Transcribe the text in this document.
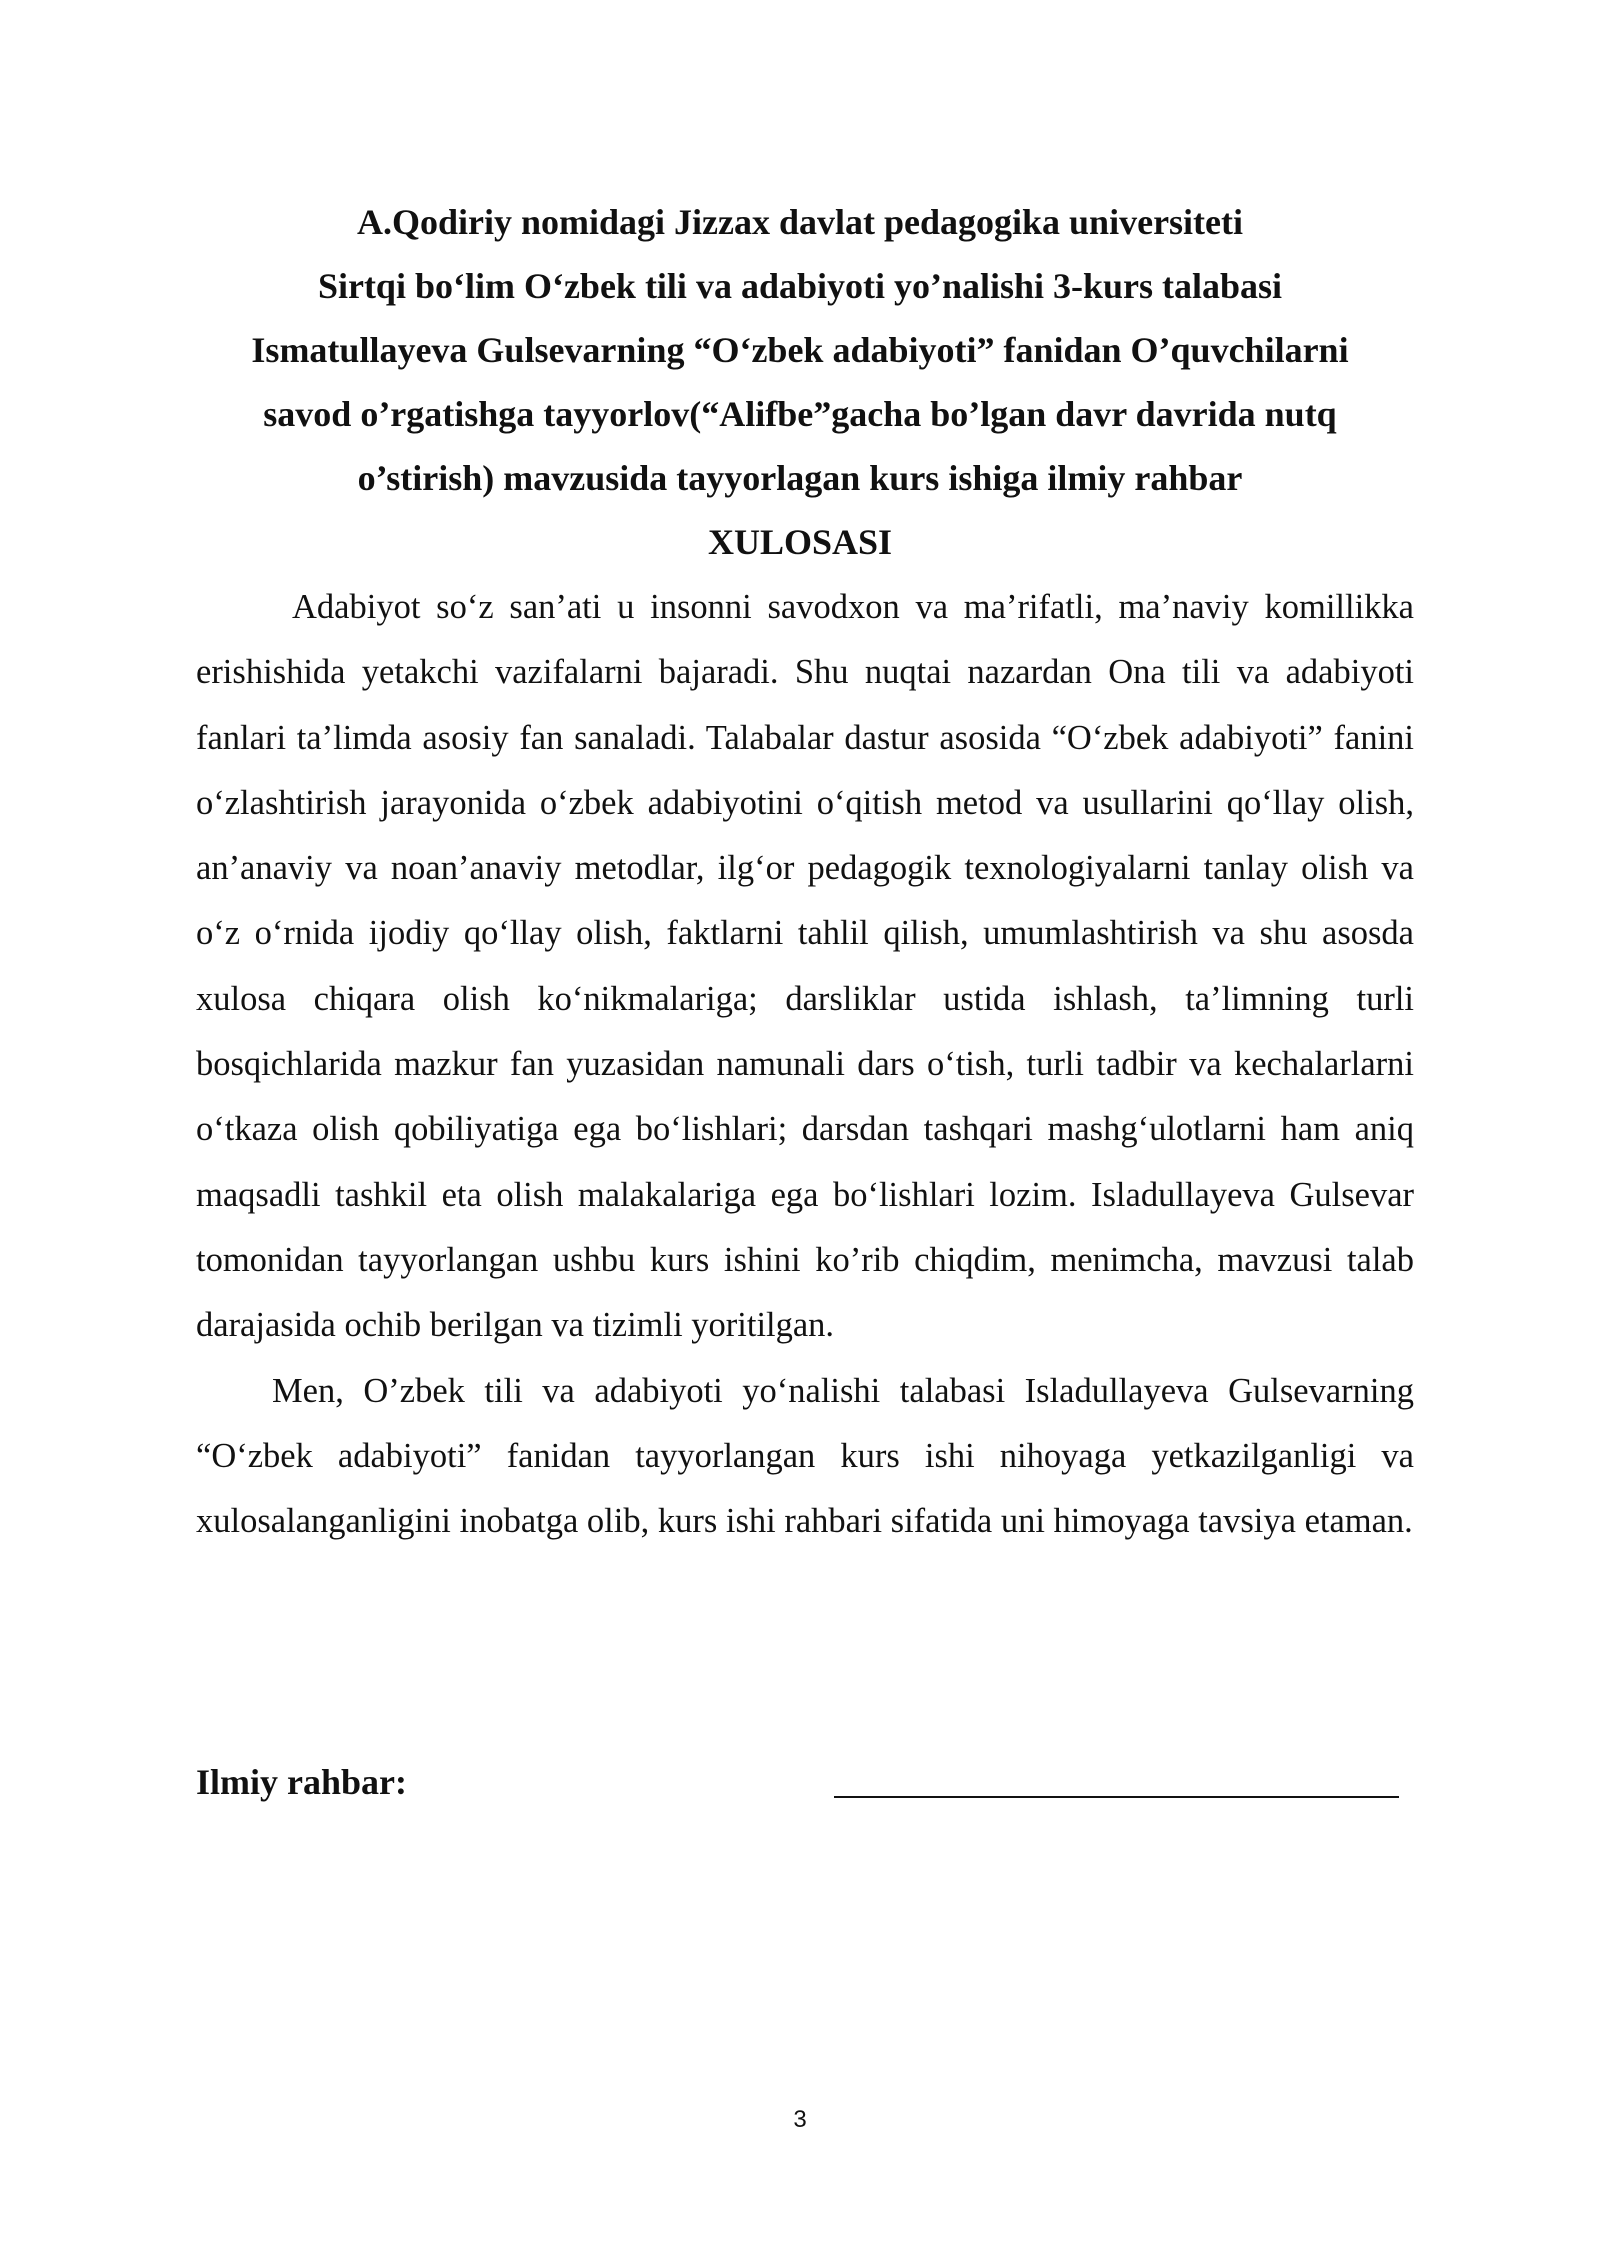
A.Qodiriy nomidagi Jizzax davlat pedagogika universiteti
Sirtqi bo‘lim O‘zbek tili va adabiyoti yo’nalishi 3-kurs talabasi
Ismatullayeva Gulsevarning “O‘zbek adabiyoti” fanidan O’quvchilarni
savod o’rgatishga tayyorlov(“Alifbe”gacha bo’lgan davr davrida nutq
o’stirish) mavzusida tayyorlagan kurs ishiga ilmiy rahbar
XULOSASI

Adabiyot so‘z san’ati u insonni savodxon va ma’rifatli, ma’naviy komillikka erishishida yetakchi vazifalarni bajaradi. Shu nuqtai nazardan Ona tili va adabiyoti fanlari ta’limda asosiy fan sanaladi. Talabalar dastur asosida “O‘zbek adabiyoti” fanini o‘zlashtirish jarayonida o‘zbek adabiyotini o‘qitish metod va usullarini qo‘llay olish, an’anaviy va noan’anaviy metodlar, ilg‘or pedagogik texnologiyalarni tanlay olish va o‘z o‘rnida ijodiy qo‘llay olish, faktlarni tahlil qilish, umumlashtirish va shu asosda xulosa chiqara olish ko‘nikmalariga; darsliklar ustida ishlash, ta’limning turli bosqichlarida mazkur fan yuzasidan namunali dars o‘tish, turli tadbir va kechalarlarni o‘tkaza olish qobiliyatiga ega bo‘lishlari; darsdan tashqari mashg‘ulotlarni ham aniq maqsadli tashkil eta olish malakalariga ega bo‘lishlari lozim. Isladullayeva Gulsevar tomonidan tayyorlangan ushbu kurs ishini ko’rib chiqdim, menimcha, mavzusi talab darajasida ochib berilgan va tizimli yoritilgan.

Men, O’zbek tili va adabiyoti yo‘nalishi talabasi Isladullayeva Gulsevarning “O‘zbek adabiyoti” fanidan tayyorlangan kurs ishi nihoyaga yetkazilganligi va xulosalanganligini inobatga olib, kurs ishi rahbari sifatida uni himoyaga tavsiya etaman.

Ilmiy rahbar:
3
